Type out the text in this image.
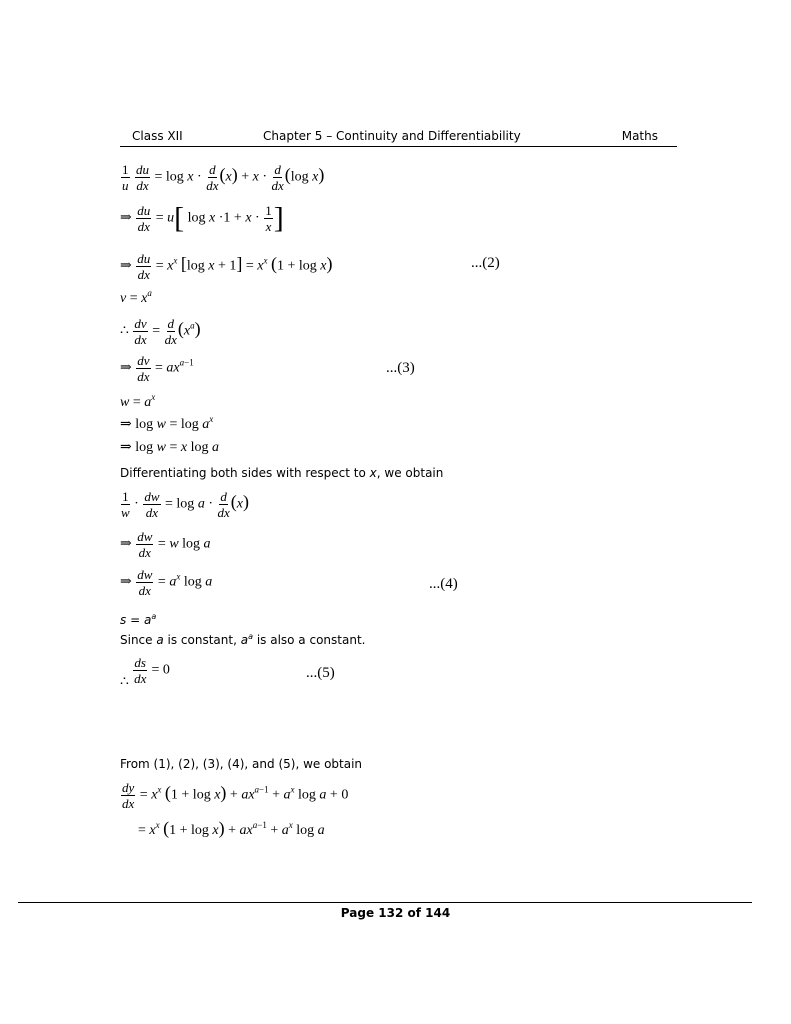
Class XII	Chapter 5 – Continuity and Differentiability	Maths
$\frac{1}{u}$
$\frac{du}{dx} = \log x \cdot \frac{d}{dx} (x) + x \cdot \frac{d}{dx} (\log$ x)
⇒ $\frac{du}{dx} = u$[ $\log x \cdot 1 + x \cdot \frac{1}{x}$ ]
⇒ $\frac{du}{dx} = x^x$ [log $x + 1] = x^x$ (1 + log x)	...(2)
$v = x^a$
∴ $\frac{dv}{dx} = \frac{d}{dx} (x^a)$
⇒ $\frac{dv}{dx} = ax^{a-1}$	...(3)
$w = a^x$
⇒ $\log w = \log a^x$
⇒ log w = x log a
Differentiating both sides with respect to x, we obtain
$\frac{1}{w} \cdot \frac{dw}{dx} = \log a \cdot \frac{d}{dx} (x)$
⇒ $\frac{dw}{dx} = w$ log a
⇒ $\frac{dw}{dx} = a^x$ log a	...(4)
$s = a^a$
Since a is constant, $a^a$ is also a constant.
∴ $\frac{ds}{dx} = 0$	...(5)
From (1), (2), (3), (4), and (5), we obtain
$\frac{dy}{dx} = x^x$ $(1 + \log x) + ax^{a-1} + a^x$ log a + 0
= $x^x$ $(1 + \log x) + ax^{a-1} + a^x$ log a
Page 132 of 144
